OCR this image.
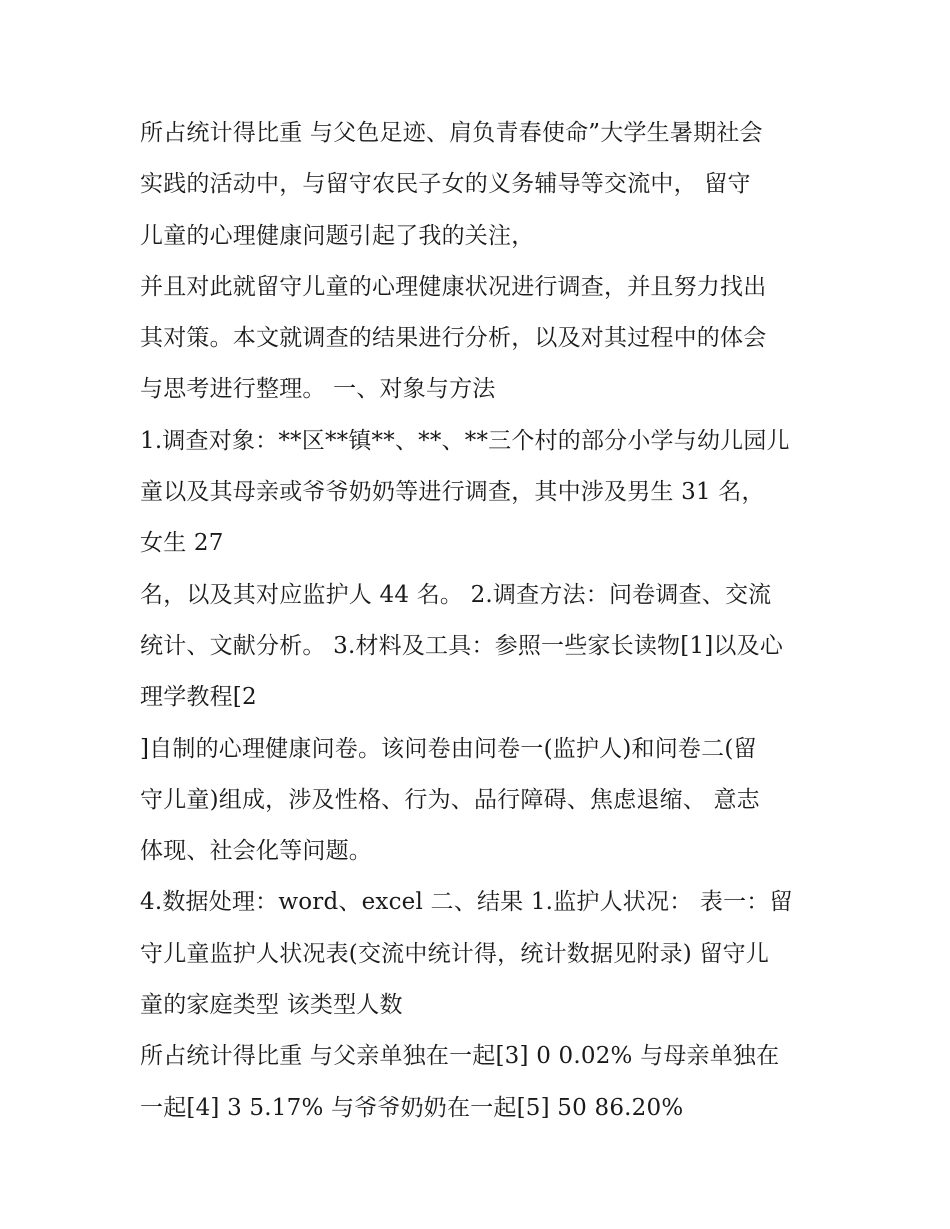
所占统计得比重 与父色足迹、肩负青春使命”大学生暑期社会
实践的活动中，与留守农民子女的义务辅导等交流中， 留守
儿童的心理健康问题引起了我的关注，
并且对此就留守儿童的心理健康状况进行调查，并且努力找出
其对策。本文就调查的结果进行分析，以及对其过程中的体会
与思考进行整理。 一、对象与方法
1.调查对象：**区**镇**、**、**三个村的部分小学与幼儿园儿
童以及其母亲或爷爷奶奶等进行调查，其中涉及男生 31 名，
女生 27
名，以及其对应监护人 44 名。 2.调查方法：问卷调查、交流
统计、文献分析。 3.材料及工具：参照一些家长读物[1]以及心
理学教程[2
]自制的心理健康问卷。该问卷由问卷一(监护人)和问卷二(留
守儿童)组成，涉及性格、行为、品行障碍、焦虑退缩、 意志
体现、社会化等问题。
4.数据处理：word、excel 二、结果 1.监护人状况： 表一：留
守儿童监护人状况表(交流中统计得，统计数据见附录) 留守儿
童的家庭类型 该类型人数
所占统计得比重 与父亲单独在一起[3] 0 0.02% 与母亲单独在
一起[4] 3 5.17% 与爷爷奶奶在一起[5] 50 86.20%
